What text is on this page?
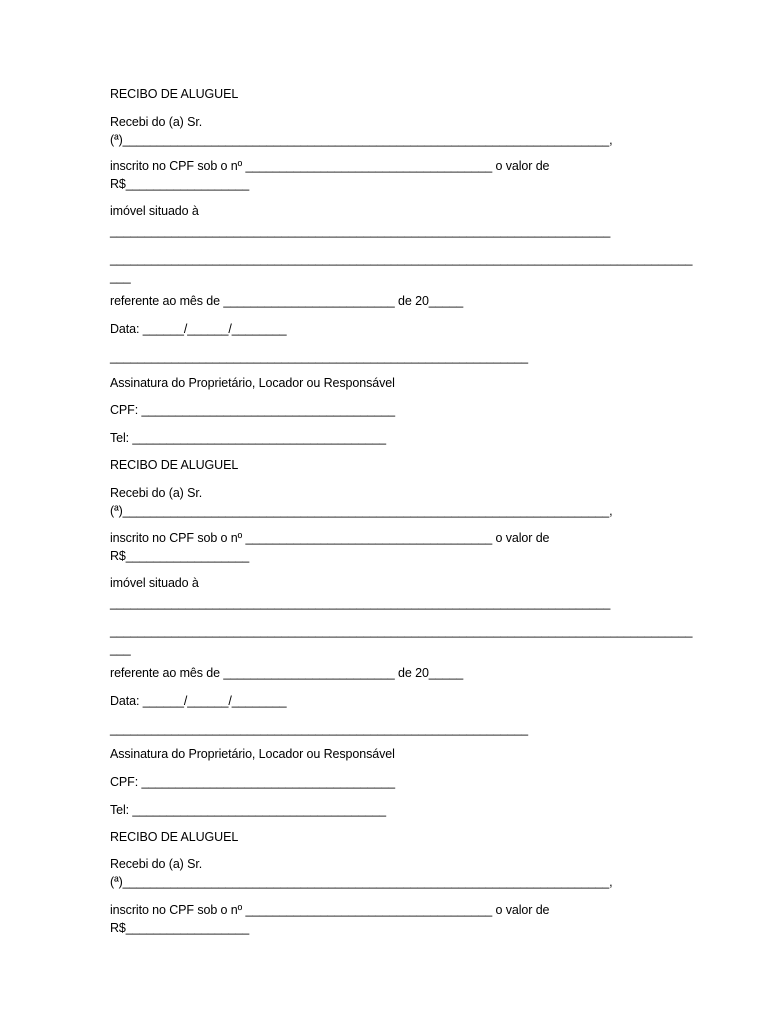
RECIBO DE ALUGUEL
Recebi do (a) Sr.
(ª)_______________________________________________________________________,
inscrito no CPF sob o nº ____________________________________ o valor de
R$__________________
imóvel situado à
_________________________________________________________________________
_____________________________________________________________________________________
___
referente ao mês de _________________________ de 20_____
Data: ______/______/________
_____________________________________________________________
Assinatura do Proprietário, Locador ou Responsável
CPF: _____________________________________
Tel: _____________________________________
RECIBO DE ALUGUEL
Recebi do (a) Sr.
(ª)_______________________________________________________________________,
inscrito no CPF sob o nº ____________________________________ o valor de
R$__________________
imóvel situado à
_________________________________________________________________________
_____________________________________________________________________________________
___
referente ao mês de _________________________ de 20_____
Data: ______/______/________
_____________________________________________________________
Assinatura do Proprietário, Locador ou Responsável
CPF: _____________________________________
Tel: _____________________________________
RECIBO DE ALUGUEL
Recebi do (a) Sr.
(ª)_______________________________________________________________________,
inscrito no CPF sob o nº ____________________________________ o valor de
R$__________________
